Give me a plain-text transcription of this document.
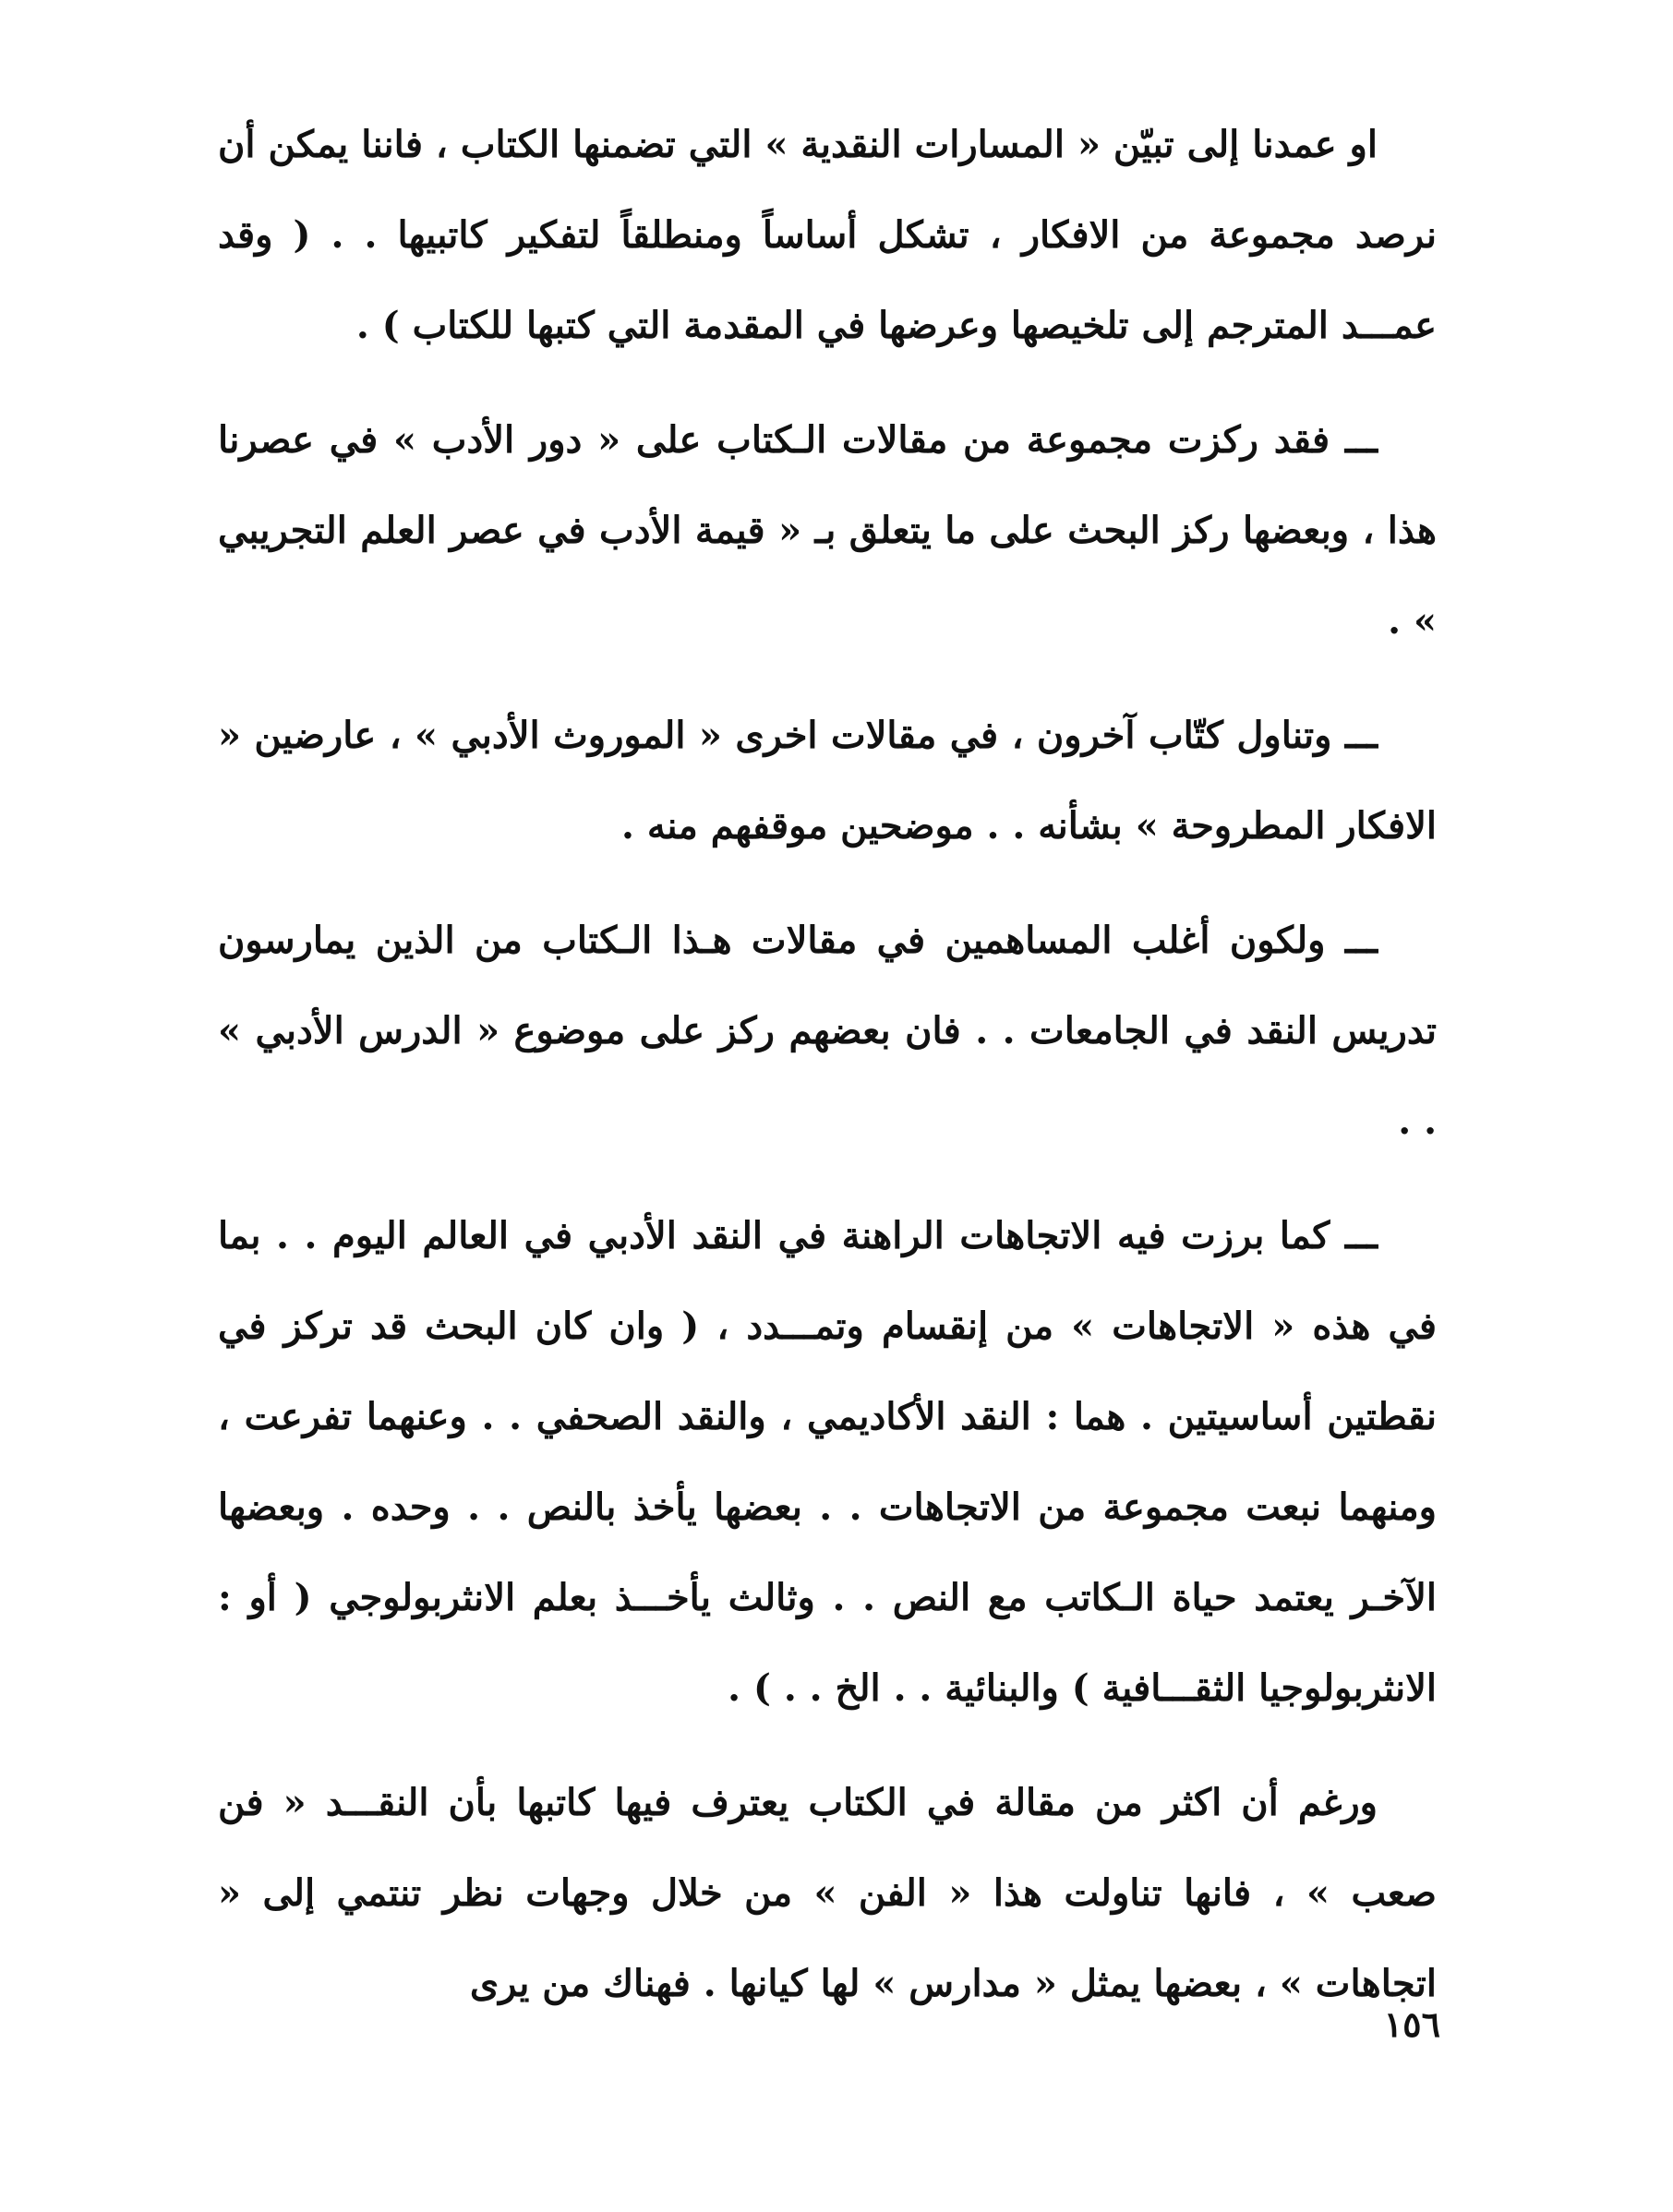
او عمدنا إلى تبيّن « المسارات النقدية » التي تضمنها الكتاب ، فاننا يمكن أن نرصد مجموعة من الافكار ، تشكل أساساً ومنطلقاً لتفكير كاتبيها . . ( وقد عمـــد المترجم إلى تلخيصها وعرضها في المقدمة التي كتبها للكتاب ) .

ـــ فقد ركزت مجموعة من مقالات الـكتاب على « دور الأدب » في عصرنا هذا ، وبعضها ركز البحث على ما يتعلق بـ « قيمة الأدب في عصر العلم التجريبي » .

ـــ وتناول كتّاب آخرون ، في مقالات اخرى « الموروث الأدبي » ، عارضين « الافكار المطروحة » بشأنه . . موضحين موقفهم منه .

ـــ ولكون أغلب المساهمين في مقالات هـذا الـكتاب من الذين يمارسون تدريس النقد في الجامعات . . فان بعضهم ركز على موضوع « الدرس الأدبي » . .

ـــ كما برزت فيه الاتجاهات الراهنة في النقد الأدبي في العالم اليوم . . بما في هذه « الاتجاهات » من إنقسام وتمـــدد ، ( وان كان البحث قد تركز في نقطتين أساسيتين . هما : النقد الأكاديمي ، والنقد الصحفي . . وعنهما تفرعت ، ومنهما نبعت مجموعة من الاتجاهات . . بعضها يأخذ بالنص . . وحده . وبعضها الآخـر يعتمد حياة الـكاتب مع النص . . وثالث يأخـــذ بعلم الانثربولوجي ( أو : الانثربولوجيا الثقـــافية ) والبنائية . . الخ . . ) .

ورغم أن اكثر من مقالة في الكتاب يعترف فيها كاتبها بأن النقـــد « فن صعب » ، فانها تناولت هذا « الفن » من خلال وجهات نظر تنتمي إلى « اتجاهات » ، بعضها يمثل « مدارس » لها كيانها . فهناك من يرى

١٥٦
